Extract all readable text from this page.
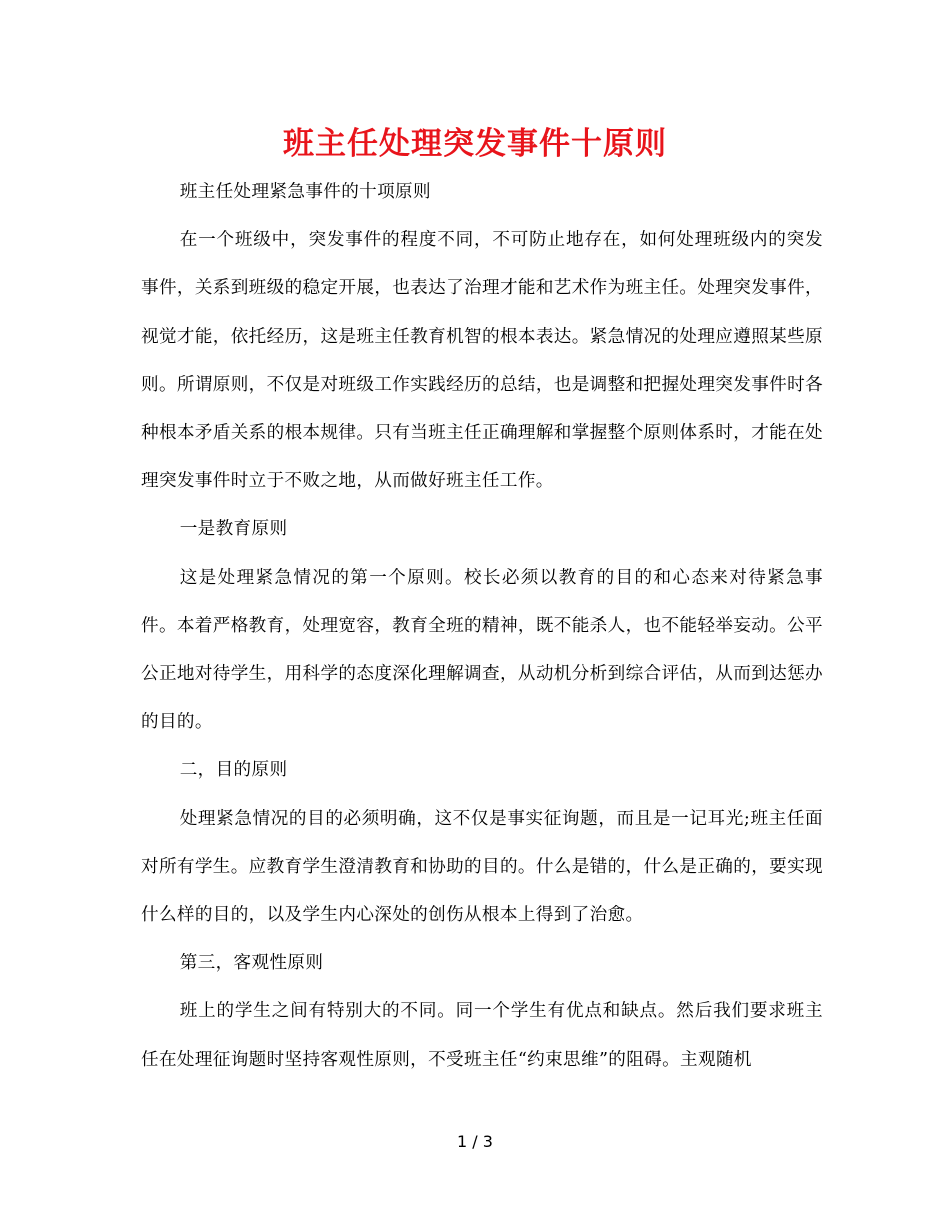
班主任处理突发事件十原则

班主任处理紧急事件的十项原则

在一个班级中，突发事件的程度不同，不可防止地存在，如何处理班级内的突发事件，关系到班级的稳定开展，也表达了治理才能和艺术作为班主任。处理突发事件，视觉才能，依托经历，这是班主任教育机智的根本表达。紧急情况的处理应遵照某些原则。所谓原则，不仅是对班级工作实践经历的总结，也是调整和把握处理突发事件时各种根本矛盾关系的根本规律。只有当班主任正确理解和掌握整个原则体系时，才能在处理突发事件时立于不败之地，从而做好班主任工作。

一是教育原则

这是处理紧急情况的第一个原则。校长必须以教育的目的和心态来对待紧急事件。本着严格教育，处理宽容，教育全班的精神，既不能杀人，也不能轻举妄动。公平公正地对待学生，用科学的态度深化理解调查，从动机分析到综合评估，从而到达惩办的目的。

二，目的原则

处理紧急情况的目的必须明确，这不仅是事实征询题，而且是一记耳光;班主任面对所有学生。应教育学生澄清教育和协助的目的。什么是错的，什么是正确的，要实现什么样的目的，以及学生内心深处的创伤从根本上得到了治愈。

第三，客观性原则

班上的学生之间有特别大的不同。同一个学生有优点和缺点。然后我们要求班主任在处理征询题时坚持客观性原则，不受班主任“约束思维”的阻碍。主观随机

1 / 3
